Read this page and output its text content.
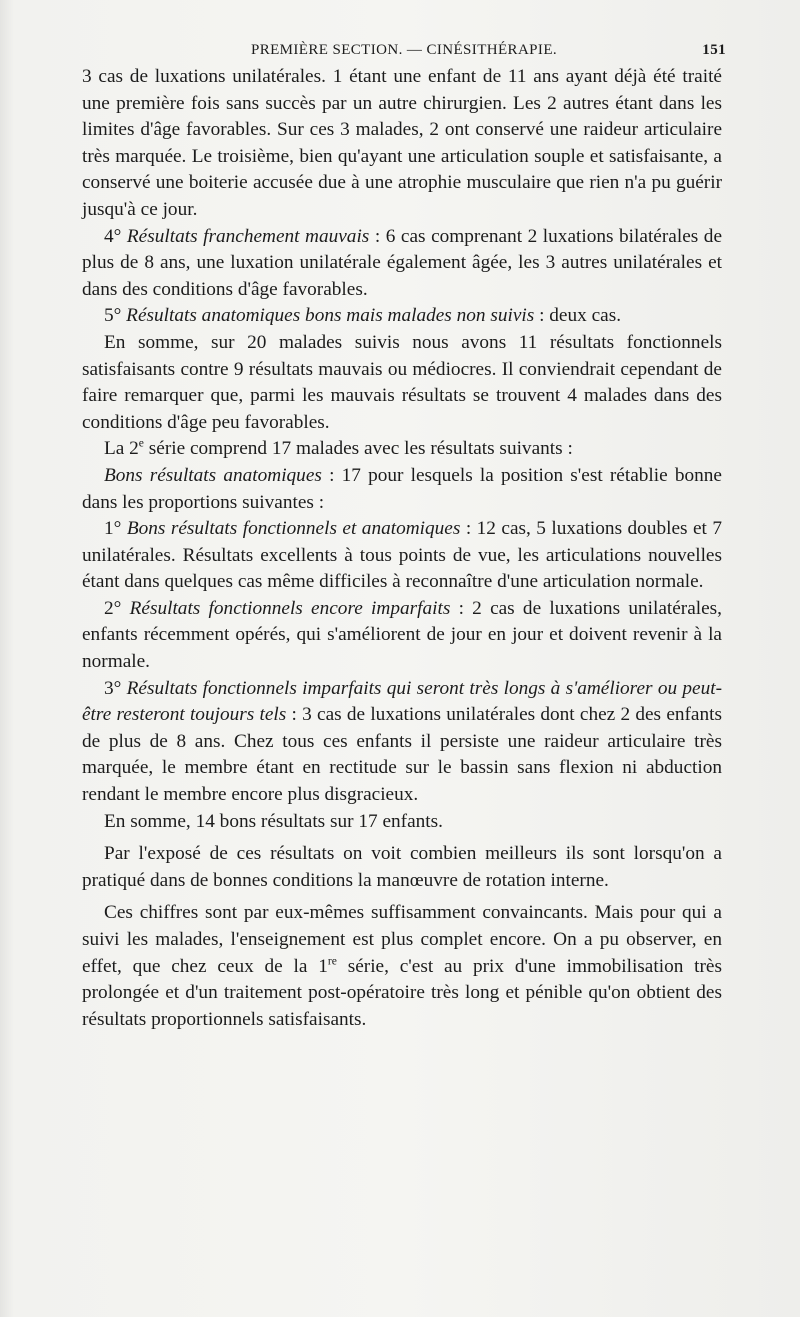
PREMIÈRE SECTION. — CINÉSITHÉRAPIE.	151

3 cas de luxations unilatérales. 1 étant une enfant de 11 ans ayant déjà été traité une première fois sans succès par un autre chirurgien. Les 2 autres étant dans les limites d'âge favorables. Sur ces 3 malades, 2 ont conservé une raideur articulaire très marquée. Le troisième, bien qu'ayant une articulation souple et satisfaisante, a conservé une boiterie accusée due à une atrophie musculaire que rien n'a pu guérir jusqu'à ce jour.

4° Résultats franchement mauvais : 6 cas comprenant 2 luxations bilatérales de plus de 8 ans, une luxation unilatérale également âgée, les 3 autres unilatérales et dans des conditions d'âge favorables.

5° Résultats anatomiques bons mais malades non suivis : deux cas.

En somme, sur 20 malades suivis nous avons 11 résultats fonctionnels satisfaisants contre 9 résultats mauvais ou médiocres. Il conviendrait cependant de faire remarquer que, parmi les mauvais résultats se trouvent 4 malades dans des conditions d'âge peu favorables.

La 2e série comprend 17 malades avec les résultats suivants :

Bons résultats anatomiques : 17 pour lesquels la position s'est rétablie bonne dans les proportions suivantes :

1° Bons résultats fonctionnels et anatomiques : 12 cas, 5 luxations doubles et 7 unilatérales. Résultats excellents à tous points de vue, les articulations nouvelles étant dans quelques cas même difficiles à reconnaître d'une articulation normale.

2° Résultats fonctionnels encore imparfaits : 2 cas de luxations unilatérales, enfants récemment opérés, qui s'améliorent de jour en jour et doivent revenir à la normale.

3° Résultats fonctionnels imparfaits qui seront très longs à s'améliorer ou peut-être resteront toujours tels : 3 cas de luxations unilatérales dont chez 2 des enfants de plus de 8 ans. Chez tous ces enfants il persiste une raideur articulaire très marquée, le membre étant en rectitude sur le bassin sans flexion ni abduction rendant le membre encore plus disgracieux.

En somme, 14 bons résultats sur 17 enfants.

Par l'exposé de ces résultats on voit combien meilleurs ils sont lorsqu'on a pratiqué dans de bonnes conditions la manœuvre de rotation interne.

Ces chiffres sont par eux-mêmes suffisamment convaincants. Mais pour qui a suivi les malades, l'enseignement est plus complet encore. On a pu observer, en effet, que chez ceux de la 1re série, c'est au prix d'une immobilisation très prolongée et d'un traitement post-opératoire très long et pénible qu'on obtient des résultats proportionnels satisfaisants.
